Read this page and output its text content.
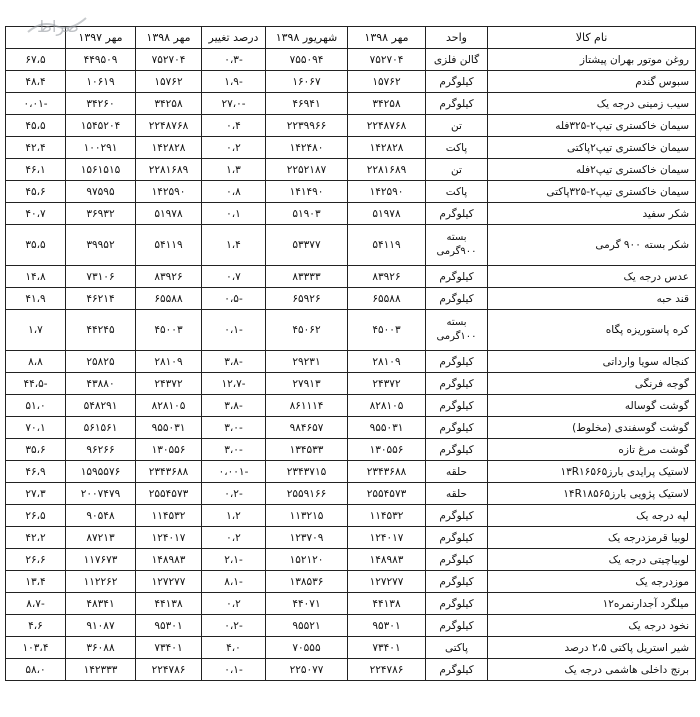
صراط
نام کالا	واحد	مهر ۱۳۹۸	شهریور ۱۳۹۸	درصد تغییر	مهر ۱۳۹۸	مهر ۱۳۹۷	
روغن موتور بهران پیشتاز	گالن فلزی	۷۵۲۷۰۴	۷۵۵۰۹۴	-۰،۳	۷۵۲۷۰۴	۴۴۹۵۰۹	۶۷،۵
سبوس گندم	کیلوگرم	۱۵۷۶۲	۱۶۰۶۷	-۱،۹	۱۵۷۶۲	۱۰۶۱۹	۴۸،۴
سیب زمینی درجه یک	کیلوگرم	۳۴۲۵۸	۴۶۹۴۱	-۲۷،۰	۳۴۲۵۸	۳۴۲۶۰	-۰،۰۱
سیمان خاکستری تیپ۲-۳۲۵فله	تن	۲۲۴۸۷۶۸	۲۲۳۹۹۶۶	۰،۴	۲۲۴۸۷۶۸	۱۵۴۵۲۰۴	۴۵،۵
سیمان خاکستری تیپ۲پاکتی	پاکت	۱۴۲۸۲۸	۱۴۲۴۸۰	۰،۲	۱۴۲۸۲۸	۱۰۰۲۹۱	۴۲،۴
سیمان خاکستری تیپ۲فله	تن	۲۲۸۱۶۸۹	۲۲۵۲۱۸۷	۱،۳	۲۲۸۱۶۸۹	۱۵۶۱۵۱۵	۴۶،۱
سیمان خاکستری تیپ۲-۳۲۵پاکتی	پاکت	۱۴۲۵۹۰	۱۴۱۴۹۰	۰،۸	۱۴۲۵۹۰	۹۷۵۹۵	۴۵،۶
شکر سفید	کیلوگرم	۵۱۹۷۸	۵۱۹۰۳	۰،۱	۵۱۹۷۸	۳۶۹۳۲	۴۰،۷
شکر بسته ۹۰۰ گرمی	بسته ۹۰۰گرمی	۵۴۱۱۹	۵۳۳۷۷	۱،۴	۵۴۱۱۹	۳۹۹۵۲	۳۵،۵
عدس درجه یک	کیلوگرم	۸۳۹۲۶	۸۳۳۳۳	۰،۷	۸۳۹۲۶	۷۳۱۰۶	۱۴،۸
قند حبه	کیلوگرم	۶۵۵۸۸	۶۵۹۲۶	-۰،۵	۶۵۵۸۸	۴۶۲۱۴	۴۱،۹
کره پاستوریزه پگاه	بسته ۱۰۰گرمی	۴۵۰۰۳	۴۵۰۶۲	-۰،۱	۴۵۰۰۳	۴۴۲۴۵	۱،۷
کنجاله سویا وارداتی	کیلوگرم	۲۸۱۰۹	۲۹۲۳۱	-۳،۸	۲۸۱۰۹	۲۵۸۲۵	۸،۸
گوجه فرنگی	کیلوگرم	۲۴۳۷۲	۲۷۹۱۳	-۱۲،۷	۲۴۳۷۲	۴۳۸۸۰	-۴۴،۵
گوشت گوساله	کیلوگرم	۸۲۸۱۰۵	۸۶۱۱۱۴	-۳،۸	۸۲۸۱۰۵	۵۴۸۲۹۱	۵۱،۰
گوشت گوسفندی (مخلوط)	کیلوگرم	۹۵۵۰۳۱	۹۸۴۶۵۷	-۳،۰	۹۵۵۰۳۱	۵۶۱۵۶۱	۷۰،۱
گوشت مرغ تازه	کیلوگرم	۱۳۰۵۵۶	۱۳۴۵۳۳	-۳،۰	۱۳۰۵۵۶	۹۶۲۶۶	۳۵،۶
لاستیک پرایدی بارز۱۳R۱۶۵۶۵	حلقه	۲۳۴۳۶۸۸	۲۳۴۳۷۱۵	-۰،۰۰۱	۲۳۴۳۶۸۸	۱۵۹۵۵۷۶	۴۶،۹
لاستیک پژویی بارز۱۴R۱۸۵۶۵	حلقه	۲۵۵۴۵۷۳	۲۵۵۹۱۶۶	-۰،۲	۲۵۵۴۵۷۳	۲۰۰۷۴۷۹	۲۷،۳
لپه درجه یک	کیلوگرم	۱۱۴۵۳۲	۱۱۳۲۱۵	۱،۲	۱۱۴۵۳۲	۹۰۵۴۸	۲۶،۵
لوبیا قرمزدرجه یک	کیلوگرم	۱۲۴۰۱۷	۱۲۳۷۰۹	۰،۲	۱۲۴۰۱۷	۸۷۲۱۳	۴۲،۲
لوبیاچیتی درجه یک	کیلوگرم	۱۴۸۹۸۳	۱۵۲۱۲۰	-۲،۱	۱۴۸۹۸۳	۱۱۷۶۷۳	۲۶،۶
موزدرجه یک	کیلوگرم	۱۲۷۲۷۷	۱۳۸۵۳۶	-۸،۱	۱۲۷۲۷۷	۱۱۲۲۶۲	۱۳،۴
میلگرد آجدارنمره۱۲	کیلوگرم	۴۴۱۳۸	۴۴۰۷۱	۰،۲	۴۴۱۳۸	۴۸۳۴۱	-۸،۷
نخود درجه یک	کیلوگرم	۹۵۳۰۱	۹۵۵۲۱	-۰،۲	۹۵۳۰۱	۹۱۰۸۷	۴،۶
شیر استریل پاکتی ۲،۵ درصد	پاکتی	۷۳۴۰۱	۷۰۵۵۵	۴،۰	۷۳۴۰۱	۳۶۰۸۸	۱۰۳،۴
برنج داخلی هاشمی درجه یک	کیلوگرم	۲۲۴۷۸۶	۲۲۵۰۷۷	-۰،۱	۲۲۴۷۸۶	۱۴۲۳۳۳	۵۸،۰
